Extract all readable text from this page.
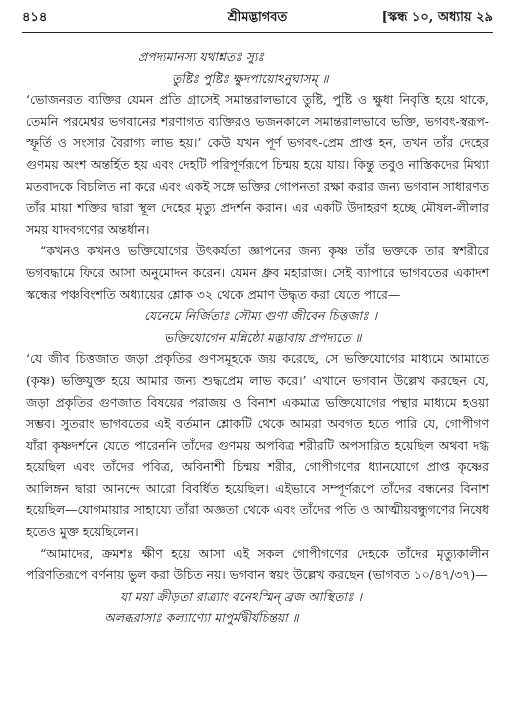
৪১৪	শ্রীমদ্ভাগবত	[স্কন্ধ ১০, অধ্যায় ২৯

প্রপদ্যমানস্য যথাশ্নতঃ স্যুঃ

তুষ্টিঃ পুষ্টিঃ ক্ষুদপায়োঽনুঘাসম্‌ ॥

‘ভোজনরত ব্যক্তির যেমন প্রতি গ্রাসেই সমান্তরালভাবে তুষ্টি, পুষ্টি ও ক্ষুধা নিবৃত্তি হয়ে থাকে, তেমনি পরমেশ্বর ভগবানের শরণাগত ব্যক্তিরও ভজনকালে সমান্তরালভাবে ভক্তি, ভগবৎ-স্বরূপ-স্ফূর্তি ও সংসার বৈরাগ্য লাভ হয়।’ কেউ যখন পূর্ণ ভগবৎ-প্রেম প্রাপ্ত হন, তখন তাঁর দেহের গুণময় অংশ অন্তর্হিত হয় এবং দেহটি পরিপূর্ণরূপে চিন্ময় হয়ে যায়। কিন্তু তবুও নাস্তিকদের মিথ্যা মতবাদকে বিচলিত না করে এবং একই সঙ্গে ভক্তির গোপনতা রক্ষা করার জন্য ভগবান সাধারণত তাঁর মায়া শক্তির দ্বারা স্থূল দেহের মৃত্যু প্রদর্শন করান। এর একটি উদাহরণ হচ্ছে মৌষল-লীলার সময় যাদবগণের অন্তর্ধান।

“কখনও কখনও ভক্তিযোগের উৎকর্যতা জ্ঞাপনের জন্য কৃষ্ণ তাঁর ভক্তকে তার স্বশরীরে ভগবদ্ধামে ফিরে আসা অনুমোদন করেন। যেমন ধ্রুব মহারাজ। সেই ব্যাপারে ভাগবতের একাদশ স্কন্ধের পঞ্চবিংশতি অধ্যায়ের শ্লোক ৩২ থেকে প্রমাণ উদ্ধৃত করা যেতে পারে—

যেনেমে নির্জিতাঃ সৌম্য গুণা জীবেন চিত্তজাঃ ।

ভক্তিযোগেন মন্নিষ্ঠো মদ্ভাবায় প্রপদ্যতে ॥

‘যে জীব চিত্তজাত জড়া প্রকৃতির গুণসমূহকে জয় করেছে, সে ভক্তিযোগের মাধ্যমে আমাতে (কৃষ্ণ) ভক্তিযুক্ত হয়ে আমার জন্য শুদ্ধপ্রেম লাভ করে।’ এখানে ভগবান উল্লেখ করছেন যে, জড়া প্রকৃতির গুণজাত বিষয়ের পরাজয় ও বিনাশ একমাত্র ভক্তিযোগের পন্থার মাধ্যমে হওয়া সম্ভব। সুতরাং ভাগবতের এই বর্তমান শ্লোকটি থেকে আমরা অবগত হতে পারি যে, গোপীগণ যাঁরা কৃষ্ণদর্শনে যেতে পারেননি তাঁদের গুণময় অপবিত্র শরীরটি অপসারিত হয়েছিল অথবা দগ্ধ হয়েছিল এবং তাঁদের পবিত্র, অবিনাশী চিন্ময় শরীর, গোপীগণের ধ্যানযোগে প্রাপ্ত কৃষ্ণের আলিঙ্গন দ্বারা আনন্দে আরো বিবর্ধিত হয়েছিল। এইভাবে সম্পূর্ণরূপে তাঁদের বন্ধনের বিনাশ হয়েছিল—যোগমায়ার সাহায্যে তাঁরা অজ্ঞতা থেকে এবং তাঁদের পতি ও আত্মীয়বন্ধুগণের নিষেধ হতেও মুক্ত হয়েছিলেন।

“আমাদের, ক্রমশঃ ক্ষীণ হয়ে আসা এই সকল গোপীগণের দেহকে তাঁদের মৃত্যুকালীন পরিণতিরূপে বর্ণনায় ভুল করা উচিত নয়। ভগবান স্বয়ং উল্লেখ করছেন (ভাগবত ১০/৪৭/৩৭)—

যা ময়া ক্রীড়তা রাত্র্যাং বনেঽস্মিন্ ব্রজ আস্থিতাঃ ।

অলব্ধরাসাঃ কল্যাণ্যো মাপুর্মদ্বীর্যচিন্তয়া ॥
